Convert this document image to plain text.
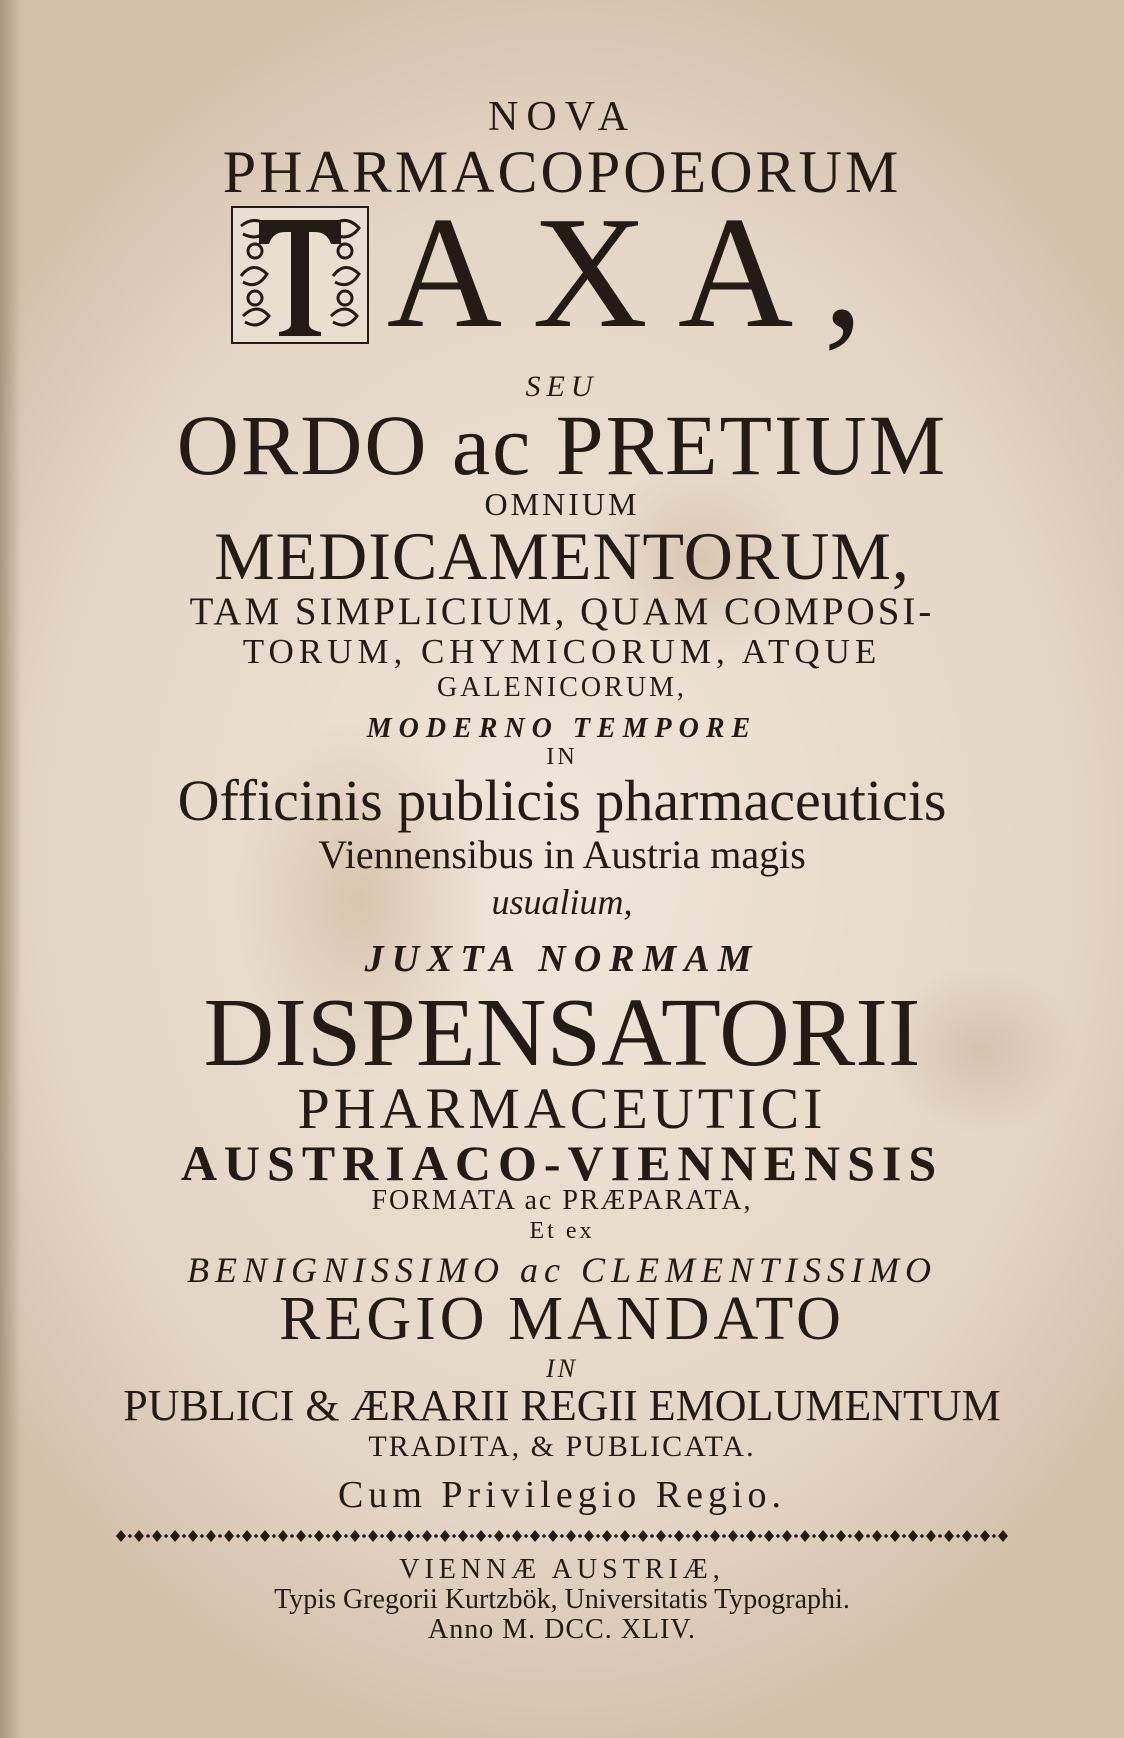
NOVA
PHARMACOPOEORUM
AXA,
SEU
ORDO ac PRETIUM
OMNIUM
MEDICAMENTORUM,
TAM SIMPLICIUM, QUAM COMPOSI-
TORUM, CHYMICORUM, ATQUE
GALENICORUM,
MODERNO TEMPORE
IN
Officinis publicis pharmaceuticis
Viennensibus in Austria magis
usualium,
JUXTA NORMAM
DISPENSATORII
PHARMACEUTICI
AUSTRIACO-VIENNENSIS
FORMATA ac PRÆPARATA,
Et ex
BENIGNISSIMO ac CLEMENTISSIMO
REGIO MANDATO
IN
PUBLICI & ÆRARII REGII EMOLUMENTUM
TRADITA, & PUBLICATA.
Cum Privilegio Regio.
VIENNÆ AUSTRIÆ,
Typis Gregorii Kurtzbök, Universitatis Typographi.
Anno M. DCC. XLIV.
